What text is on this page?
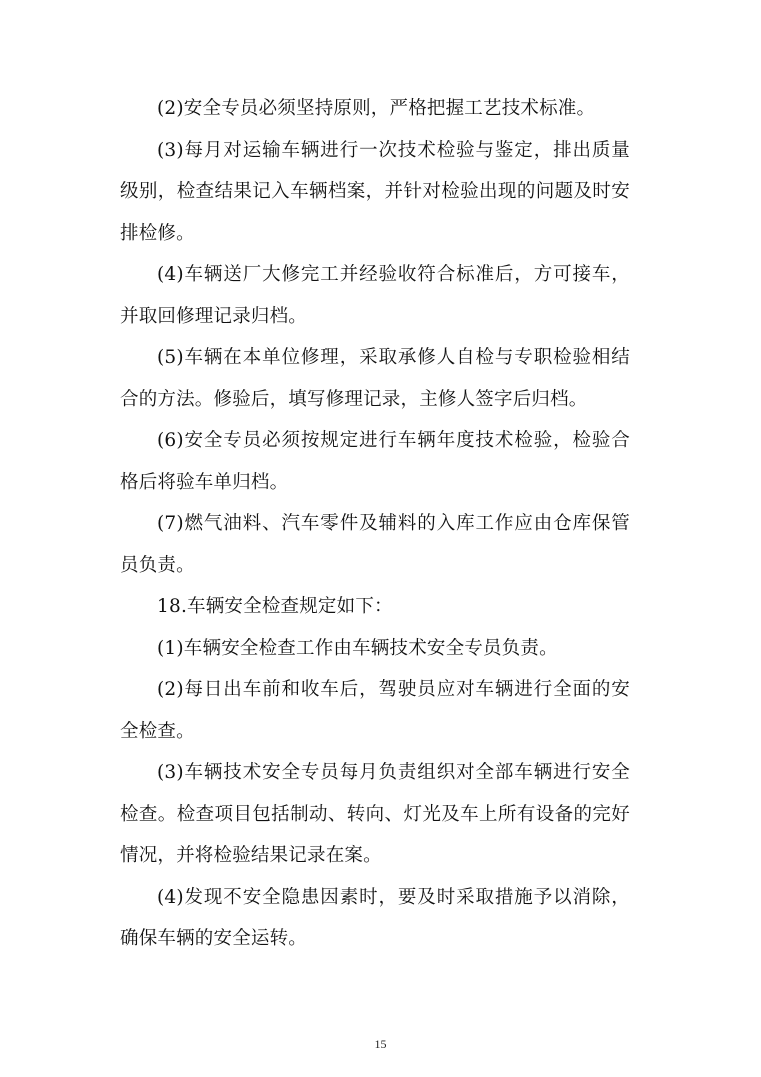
(2)安全专员必须坚持原则，严格把握工艺技术标准。

(3)每月对运输车辆进行一次技术检验与鉴定，排出质量级别，检查结果记入车辆档案，并针对检验出现的问题及时安排检修。

(4)车辆送厂大修完工并经验收符合标准后，方可接车，并取回修理记录归档。

(5)车辆在本单位修理，采取承修人自检与专职检验相结合的方法。修验后，填写修理记录，主修人签字后归档。

(6)安全专员必须按规定进行车辆年度技术检验，检验合格后将验车单归档。

(7)燃气油料、汽车零件及辅料的入库工作应由仓库保管员负责。

18.车辆安全检查规定如下：

(1)车辆安全检查工作由车辆技术安全专员负责。

(2)每日出车前和收车后，驾驶员应对车辆进行全面的安全检查。

(3)车辆技术安全专员每月负责组织对全部车辆进行安全检查。检查项目包括制动、转向、灯光及车上所有设备的完好情况，并将检验结果记录在案。

(4)发现不安全隐患因素时，要及时采取措施予以消除，确保车辆的安全运转。

15
